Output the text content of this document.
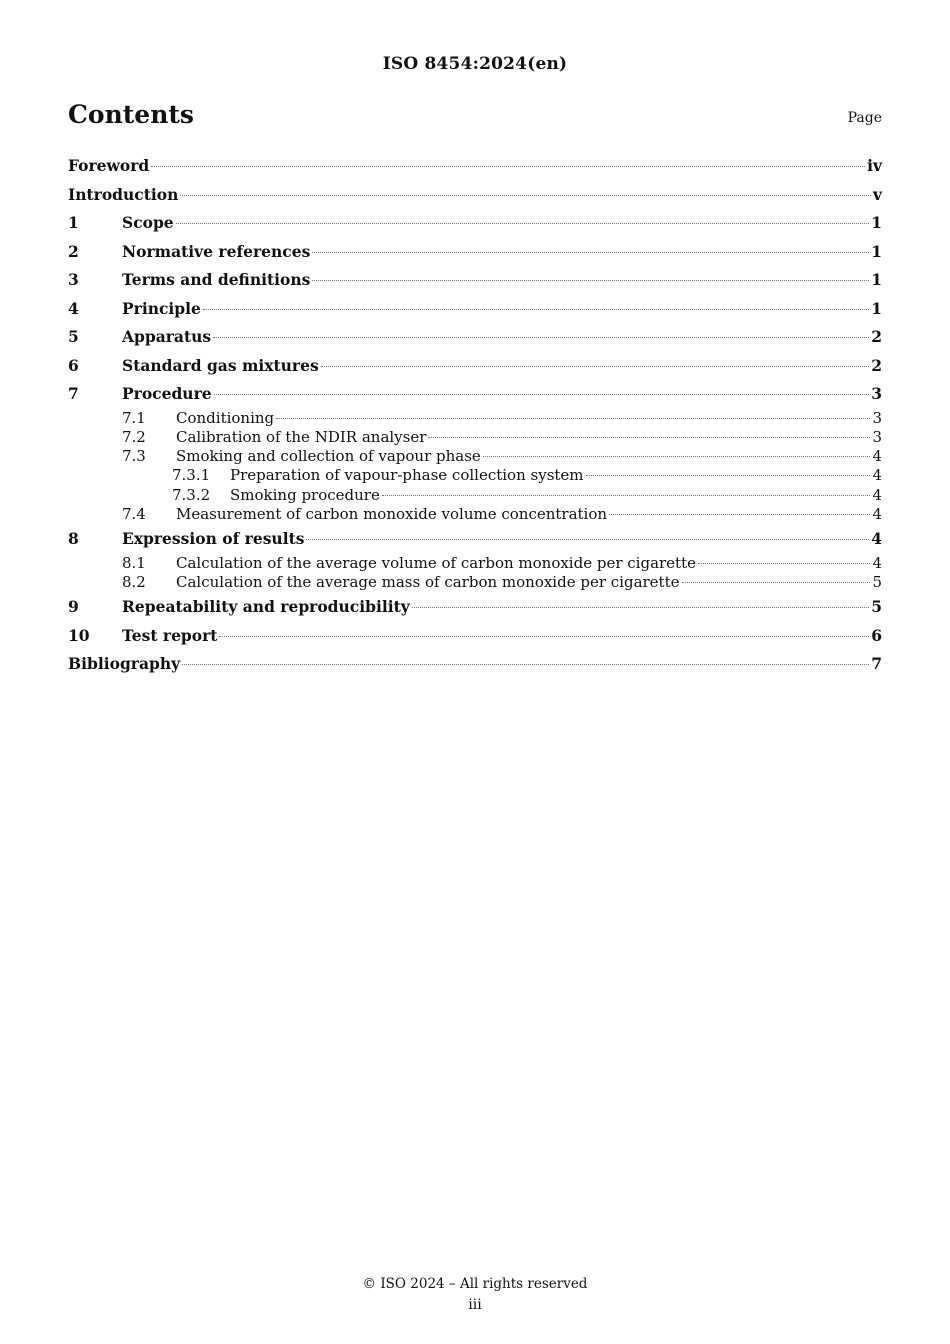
ISO 8454:2024(en)
Contents	Page
Foreword	iv
Introduction	v
1	Scope	1
2	Normative references	1
3	Terms and definitions	1
4	Principle	1
5	Apparatus	2
6	Standard gas mixtures	2
7	Procedure	3
7.1	Conditioning	3
7.2	Calibration of the NDIR analyser	3
7.3	Smoking and collection of vapour phase	4
7.3.1	Preparation of vapour-phase collection system	4
7.3.2	Smoking procedure	4
7.4	Measurement of carbon monoxide volume concentration	4
8	Expression of results	4
8.1	Calculation of the average volume of carbon monoxide per cigarette	4
8.2	Calculation of the average mass of carbon monoxide per cigarette	5
9	Repeatability and reproducibility	5
10	Test report	6
Bibliography	7
© ISO 2024 – All rights reserved
iii
